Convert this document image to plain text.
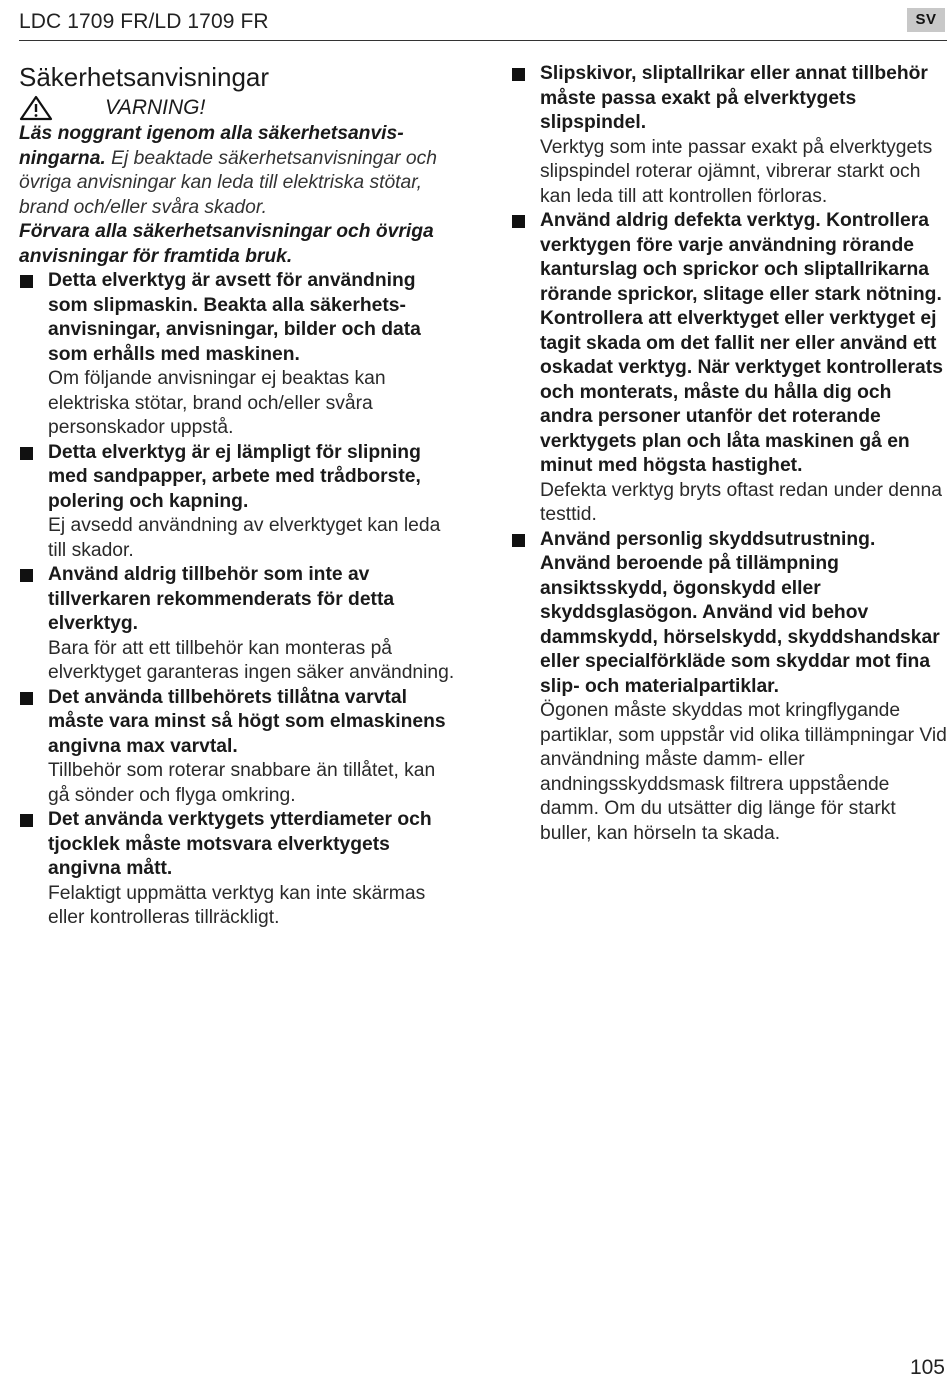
LDC 1709 FR/LD 1709 FR	SV
Säkerhetsanvisningar
VARNING!
Läs noggrant igenom alla säkerhetsanvis- ningarna. Ej beaktade säkerhetsanvisningar och övriga anvisningar kan leda till elektriska stötar, brand och/eller svåra skador.
Förvara alla säkerhetsanvisningar och övriga anvisningar för framtida bruk.
Detta elverktyg är avsett för användning som slipmaskin. Beakta alla säkerhets- anvisningar, anvisningar, bilder och data som erhålls med maskinen.
Om följande anvisningar ej beaktas kan elektriska stötar, brand och/eller svåra personskador uppstå.
Detta elverktyg är ej lämpligt för slipning med sandpapper, arbete med trådborste, polering och kapning.
Ej avsedd användning av elverktyget kan leda till skador.
Använd aldrig tillbehör som inte av tillverkaren rekommenderats för detta elverktyg.
Bara för att ett tillbehör kan monteras på elverktyget garanteras ingen säker användning.
Det använda tillbehörets tillåtna varvtal måste vara minst så högt som elmaskinens angivna max varvtal.
Tillbehör som roterar snabbare än tillåtet, kan gå sönder och flyga omkring.
Det använda verktygets ytterdiameter och tjocklek måste motsvara elverktygets angivna mått.
Felaktigt uppmätta verktyg kan inte skärmas eller kontrolleras tillräckligt.
Slipskivor, sliptallrikar eller annat tillbehör måste passa exakt på elverktygets slipspindel.
Verktyg som inte passar exakt på elverktygets slipspindel roterar ojämnt, vibrerar starkt och kan leda till att kontrollen förloras.
Använd aldrig defekta verktyg. Kontrollera verktygen före varje användning rörande kanturslag och sprickor och sliptallrikarna rörande sprickor, slitage eller stark nötning. Kontrollera att elverktyget eller verktyget ej tagit skada om det fallit ner eller använd ett oskadat verktyg. När verktyget kontrollerats och monterats, måste du hålla dig och andra personer utanför det roterande verktygets plan och låta maskinen gå en minut med högsta hastighet.
Defekta verktyg bryts oftast redan under denna testtid.
Använd personlig skyddsutrustning. Använd beroende på tillämpning ansiktsskydd, ögonskydd eller skyddsglasögon. Använd vid behov dammskydd, hörselskydd, skyddshandskar eller specialförkläde som skyddar mot fina slip- och materialpartiklar.
Ögonen måste skyddas mot kringflygande partiklar, som uppstår vid olika tillämpningar Vid användning måste damm- eller andningsskyddsmask filtrera uppstående damm. Om du utsätter dig länge för starkt buller, kan hörseln ta skada.
105
